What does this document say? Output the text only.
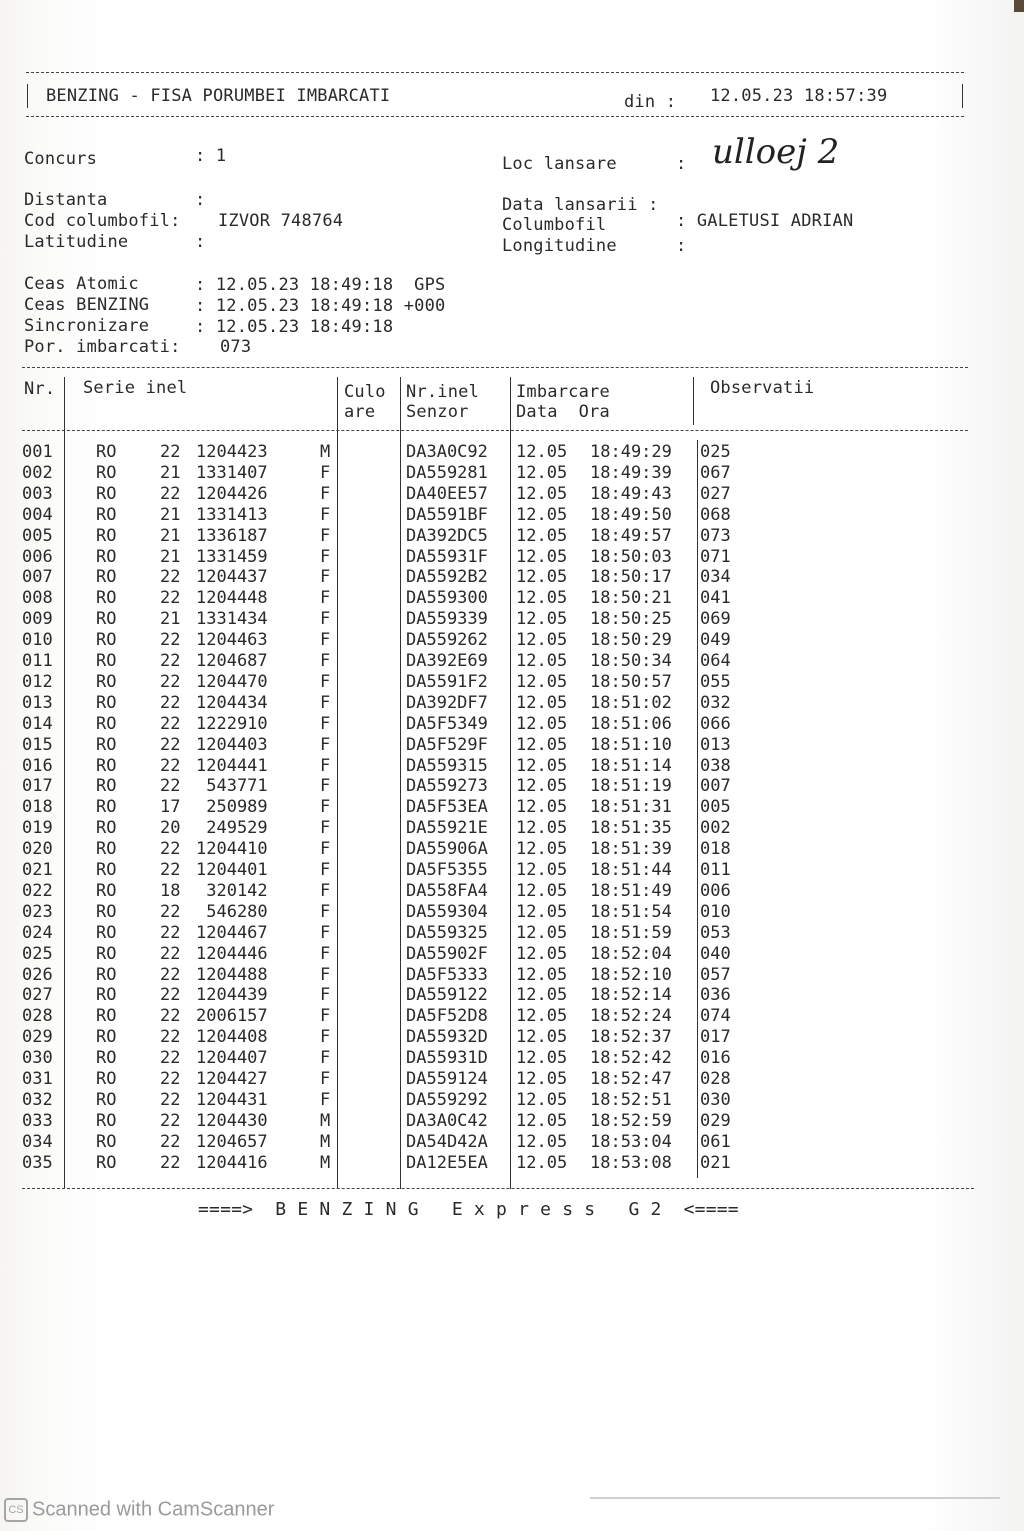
BENZING - FISA PORUMBEI IMBARCATI	din : 12.05.23 18:57:39
Concurs	: 1	Loc lansare	: ulloej 2
Distanta	:
Cod columbofil: IZVOR 748764
Latitudine	:
Data lansarii :
Columbofil	: GALETUSI ADRIAN
Longitudine	:
Ceas Atomic	: 12.05.23 18:49:18  GPS
Ceas BENZING	: 12.05.23 18:49:18 +000
Sincronizare	: 12.05.23 18:49:18
Por. imbarcati: 073
Nr. Serie inel	Culo
are
Nr.inel
Senzor
Imbarcare
Data  Ora
Observatii
001	RO	22 1204423	M	DA3A0C92 12.05 18:49:29 025
002	RO	21 1331407	F	DA559281 12.05 18:49:39 067
003	RO	22 1204426	F	DA40EE57 12.05 18:49:43 027
004	RO	21 1331413	F	DA5591BF 12.05 18:49:50 068
005	RO	21 1336187	F	DA392DC5 12.05 18:49:57 073
006	RO	21 1331459	F	DA55931F 12.05 18:50:03 071
007	RO	22 1204437	F	DA5592B2 12.05 18:50:17 034
008	RO	22 1204448	F	DA559300 12.05 18:50:21 041
009	RO	21 1331434	F	DA559339 12.05 18:50:25 069
010	RO	22 1204463	F	DA559262 12.05 18:50:29 049
011	RO	22 1204687	F	DA392E69 12.05 18:50:34 064
012	RO	22 1204470	F	DA5591F2 12.05 18:50:57 055
013	RO	22 1204434	F	DA392DF7 12.05 18:51:02 032
014	RO	22 1222910	F	DA5F5349 12.05 18:51:06 066
015	RO	22 1204403	F	DA5F529F 12.05 18:51:10 013
016	RO	22 1204441	F	DA559315 12.05 18:51:14 038
017	RO	22 543771	F	DA559273 12.05 18:51:19 007
018	RO	17 250989	F	DA5F53EA 12.05 18:51:31 005
019	RO	20 249529	F	DA55921E 12.05 18:51:35 002
020	RO	22 1204410	F	DA55906A 12.05 18:51:39 018
021	RO	22 1204401	F	DA5F5355 12.05 18:51:44 011
022	RO	18 320142	F	DA558FA4 12.05 18:51:49 006
023	RO	22 546280	F	DA559304 12.05 18:51:54 010
024	RO	22 1204467	F	DA559325 12.05 18:51:59 053
025	RO	22 1204446	F	DA55902F 12.05 18:52:04 040
026	RO	22 1204488	F	DA5F5333 12.05 18:52:10 057
027	RO	22 1204439	F	DA559122 12.05 18:52:14 036
028	RO	22 2006157	F	DA5F52D8 12.05 18:52:24 074
029	RO	22 1204408	F	DA55932D 12.05 18:52:37 017
030	RO	22 1204407	F	DA55931D 12.05 18:52:42 016
031	RO	22 1204427	F	DA559124 12.05 18:52:47 028
032	RO	22 1204431	F	DA559292 12.05 18:52:51 030
033	RO	22 1204430	M	DA3A0C42 12.05 18:52:59 029
034	RO	22 1204657	M	DA54D42A 12.05 18:53:04 061
035	RO	22 1204416	M	DA12E5EA 12.05 18:53:08 021
====>  B E N Z I N G   E x p r e s s   G 2  <====
CS Scanned with CamScanner
